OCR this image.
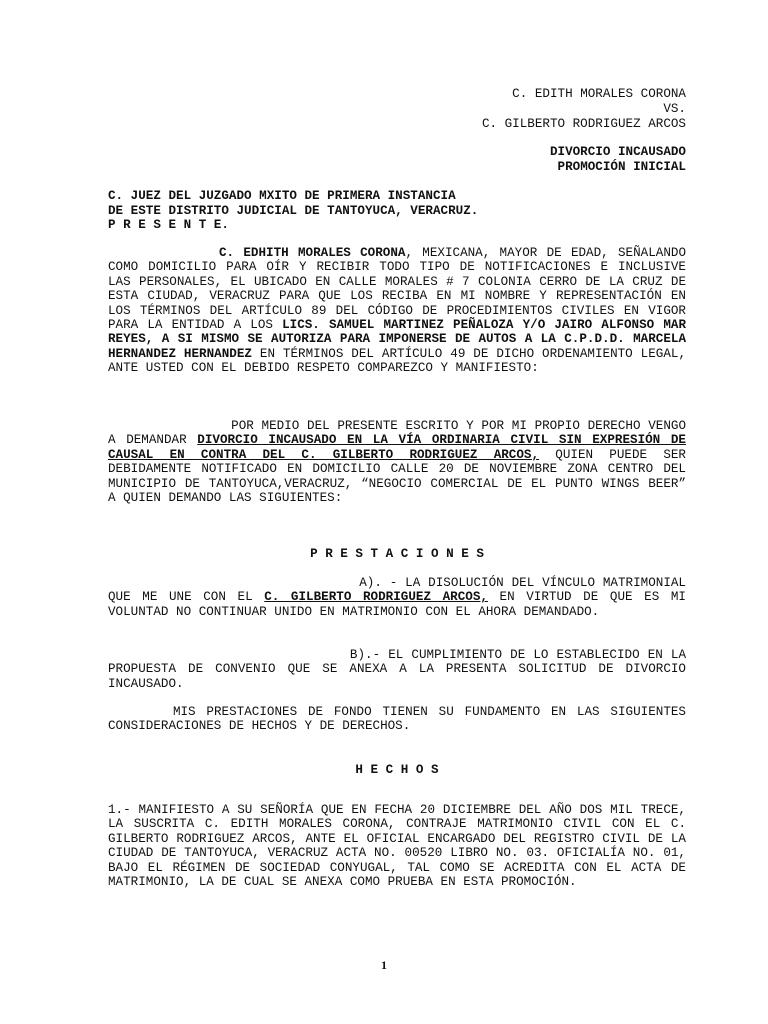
C. EDITH MORALES CORONA

VS.

C. GILBERTO RODRIGUEZ ARCOS

DIVORCIO INCAUSADO

PROMOCIÓN INICIAL

C. JUEZ DEL JUZGADO MXITO DE PRIMERA INSTANCIA

DE ESTE DISTRITO JUDICIAL DE TANTOYUCA, VERACRUZ.

P R E S E N T E.

C. EDHITH MORALES CORONA, MEXICANA, MAYOR DE EDAD, SEÑALANDO COMO DOMICILIO PARA OÍR Y RECIBIR TODO TIPO DE NOTIFICACIONES E INCLUSIVE LAS PERSONALES, EL UBICADO EN CALLE MORALES # 7 COLONIA CERRO DE LA CRUZ DE ESTA CIUDAD, VERACRUZ PARA QUE LOS RECIBA EN MI NOMBRE Y REPRESENTACIÓN EN LOS TÉRMINOS DEL ARTÍCULO 89 DEL CÓDIGO DE PROCEDIMIENTOS CIVILES EN VIGOR PARA LA ENTIDAD A LOS LICS. SAMUEL MARTINEZ PEÑALOZA Y/O JAIRO ALFONSO MAR REYES, A SI MISMO SE AUTORIZA PARA IMPONERSE DE AUTOS A LA C.P.D.D. MARCELA HERNANDEZ HERNANDEZ EN TÉRMINOS DEL ARTÍCULO 49 DE DICHO ORDENAMIENTO LEGAL, ANTE USTED CON EL DEBIDO RESPETO COMPAREZCO Y MANIFIESTO:

POR MEDIO DEL PRESENTE ESCRITO Y POR MI PROPIO DERECHO VENGO A DEMANDAR DIVORCIO INCAUSADO EN LA VÍA ORDINARIA CIVIL SIN EXPRESIÓN DE CAUSAL EN CONTRA DEL C. GILBERTO RODRIGUEZ ARCOS, QUIEN PUEDE SER DEBIDAMENTE NOTIFICADO EN DOMICILIO CALLE 20 DE NOVIEMBRE ZONA CENTRO DEL MUNICIPIO DE TANTOYUCA,VERACRUZ, “NEGOCIO COMERCIAL DE EL PUNTO WINGS BEER” A QUIEN DEMANDO LAS SIGUIENTES:

P R E S T A C I O N E S

A). - LA DISOLUCIÓN DEL VÍNCULO MATRIMONIAL QUE ME UNE CON EL C. GILBERTO RODRIGUEZ ARCOS, EN VIRTUD DE QUE ES MI VOLUNTAD NO CONTINUAR UNIDO EN MATRIMONIO CON EL AHORA DEMANDADO.

B).- EL CUMPLIMIENTO DE LO ESTABLECIDO EN LA PROPUESTA DE CONVENIO QUE SE ANEXA A LA PRESENTA SOLICITUD DE DIVORCIO INCAUSADO.

MIS PRESTACIONES DE FONDO TIENEN SU FUNDAMENTO EN LAS SIGUIENTES CONSIDERACIONES DE HECHOS Y DE DERECHOS.

H E C H O S

1.- MANIFIESTO A SU SEÑORÍA QUE EN FECHA 20 DICIEMBRE DEL AÑO DOS MIL TRECE, LA SUSCRITA C. EDITH MORALES CORONA, CONTRAJE MATRIMONIO CIVIL CON EL C. GILBERTO RODRIGUEZ ARCOS, ANTE EL OFICIAL ENCARGADO DEL REGISTRO CIVIL DE LA CIUDAD DE TANTOYUCA, VERACRUZ ACTA NO. 00520 LIBRO NO. 03. OFICIALÍA NO. 01, BAJO EL RÉGIMEN DE SOCIEDAD CONYUGAL, TAL COMO SE ACREDITA CON EL ACTA DE MATRIMONIO, LA DE CUAL SE ANEXA COMO PRUEBA EN ESTA PROMOCIÓN.

1
